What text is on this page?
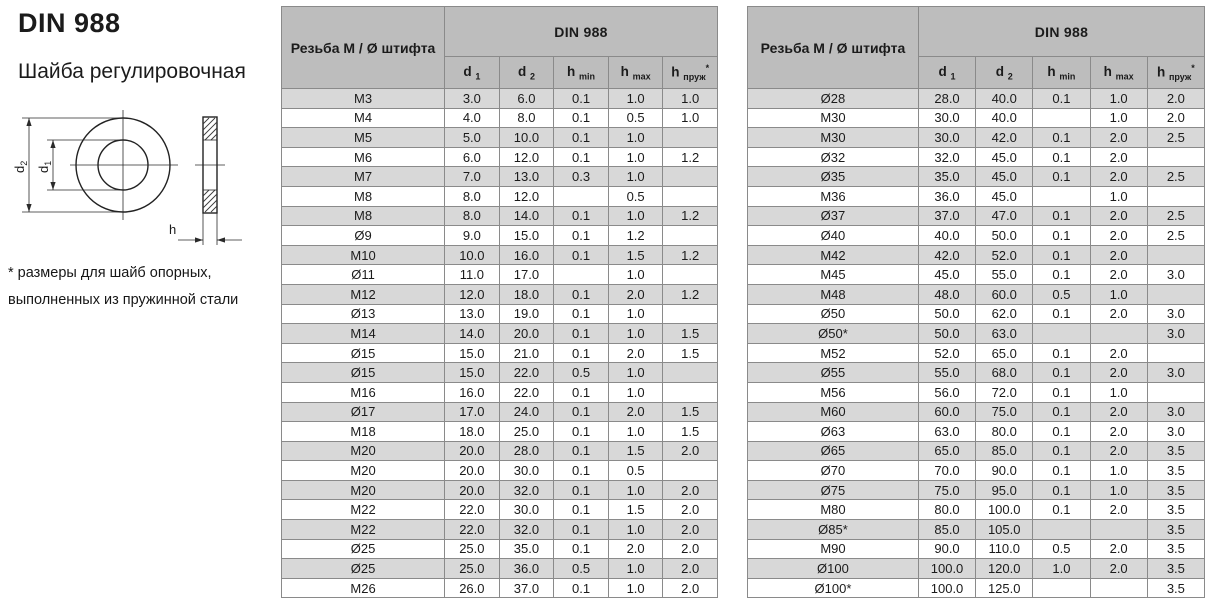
DIN 988
Шайба регулировочная
$d_2$
$d_1$
h
* размеры для шайб опорных,
выполненных из пружинной стали
Резьба М / Ø штифта	DIN 988				
	d $_1$	d $_2$	h $_{min}$	h $_{max}$	h $_{пруж}$*
M3	3.0	6.0	0.1	1.0	1.0
M4	4.0	8.0	0.1	0.5	1.0
M5	5.0	10.0	0.1	1.0	
M6	6.0	12.0	0.1	1.0	1.2
M7	7.0	13.0	0.3	1.0	
M8	8.0	12.0		0.5	
M8	8.0	14.0	0.1	1.0	1.2
Ø9	9.0	15.0	0.1	1.2	
M10	10.0	16.0	0.1	1.5	1.2
Ø11	11.0	17.0		1.0	
M12	12.0	18.0	0.1	2.0	1.2
Ø13	13.0	19.0	0.1	1.0	
M14	14.0	20.0	0.1	1.0	1.5
Ø15	15.0	21.0	0.1	2.0	1.5
Ø15	15.0	22.0	0.5	1.0	
M16	16.0	22.0	0.1	1.0	
Ø17	17.0	24.0	0.1	2.0	1.5
M18	18.0	25.0	0.1	1.0	1.5
M20	20.0	28.0	0.1	1.5	2.0
M20	20.0	30.0	0.1	0.5	
M20	20.0	32.0	0.1	1.0	2.0
M22	22.0	30.0	0.1	1.5	2.0
M22	22.0	32.0	0.1	1.0	2.0
Ø25	25.0	35.0	0.1	2.0	2.0
Ø25	25.0	36.0	0.5	1.0	2.0
M26	26.0	37.0	0.1	1.0	2.0
Резьба М / Ø штифта	DIN 988				
	d $_1$	d $_2$	h $_{min}$	h $_{max}$	h $_{пруж}$*
Ø28	28.0	40.0	0.1	1.0	2.0
M30	30.0	40.0		1.0	2.0
M30	30.0	42.0	0.1	2.0	2.5
Ø32	32.0	45.0	0.1	2.0	
Ø35	35.0	45.0	0.1	2.0	2.5
M36	36.0	45.0		1.0	
Ø37	37.0	47.0	0.1	2.0	2.5
Ø40	40.0	50.0	0.1	2.0	2.5
M42	42.0	52.0	0.1	2.0	
M45	45.0	55.0	0.1	2.0	3.0
M48	48.0	60.0	0.5	1.0	
Ø50	50.0	62.0	0.1	2.0	3.0
Ø50*	50.0	63.0			3.0
M52	52.0	65.0	0.1	2.0	
Ø55	55.0	68.0	0.1	2.0	3.0
M56	56.0	72.0	0.1	1.0	
M60	60.0	75.0	0.1	2.0	3.0
Ø63	63.0	80.0	0.1	2.0	3.0
Ø65	65.0	85.0	0.1	2.0	3.5
Ø70	70.0	90.0	0.1	1.0	3.5
Ø75	75.0	95.0	0.1	1.0	3.5
M80	80.0	100.0	0.1	2.0	3.5
Ø85*	85.0	105.0			3.5
M90	90.0	110.0	0.5	2.0	3.5
Ø100	100.0	120.0	1.0	2.0	3.5
Ø100*	100.0	125.0			3.5
